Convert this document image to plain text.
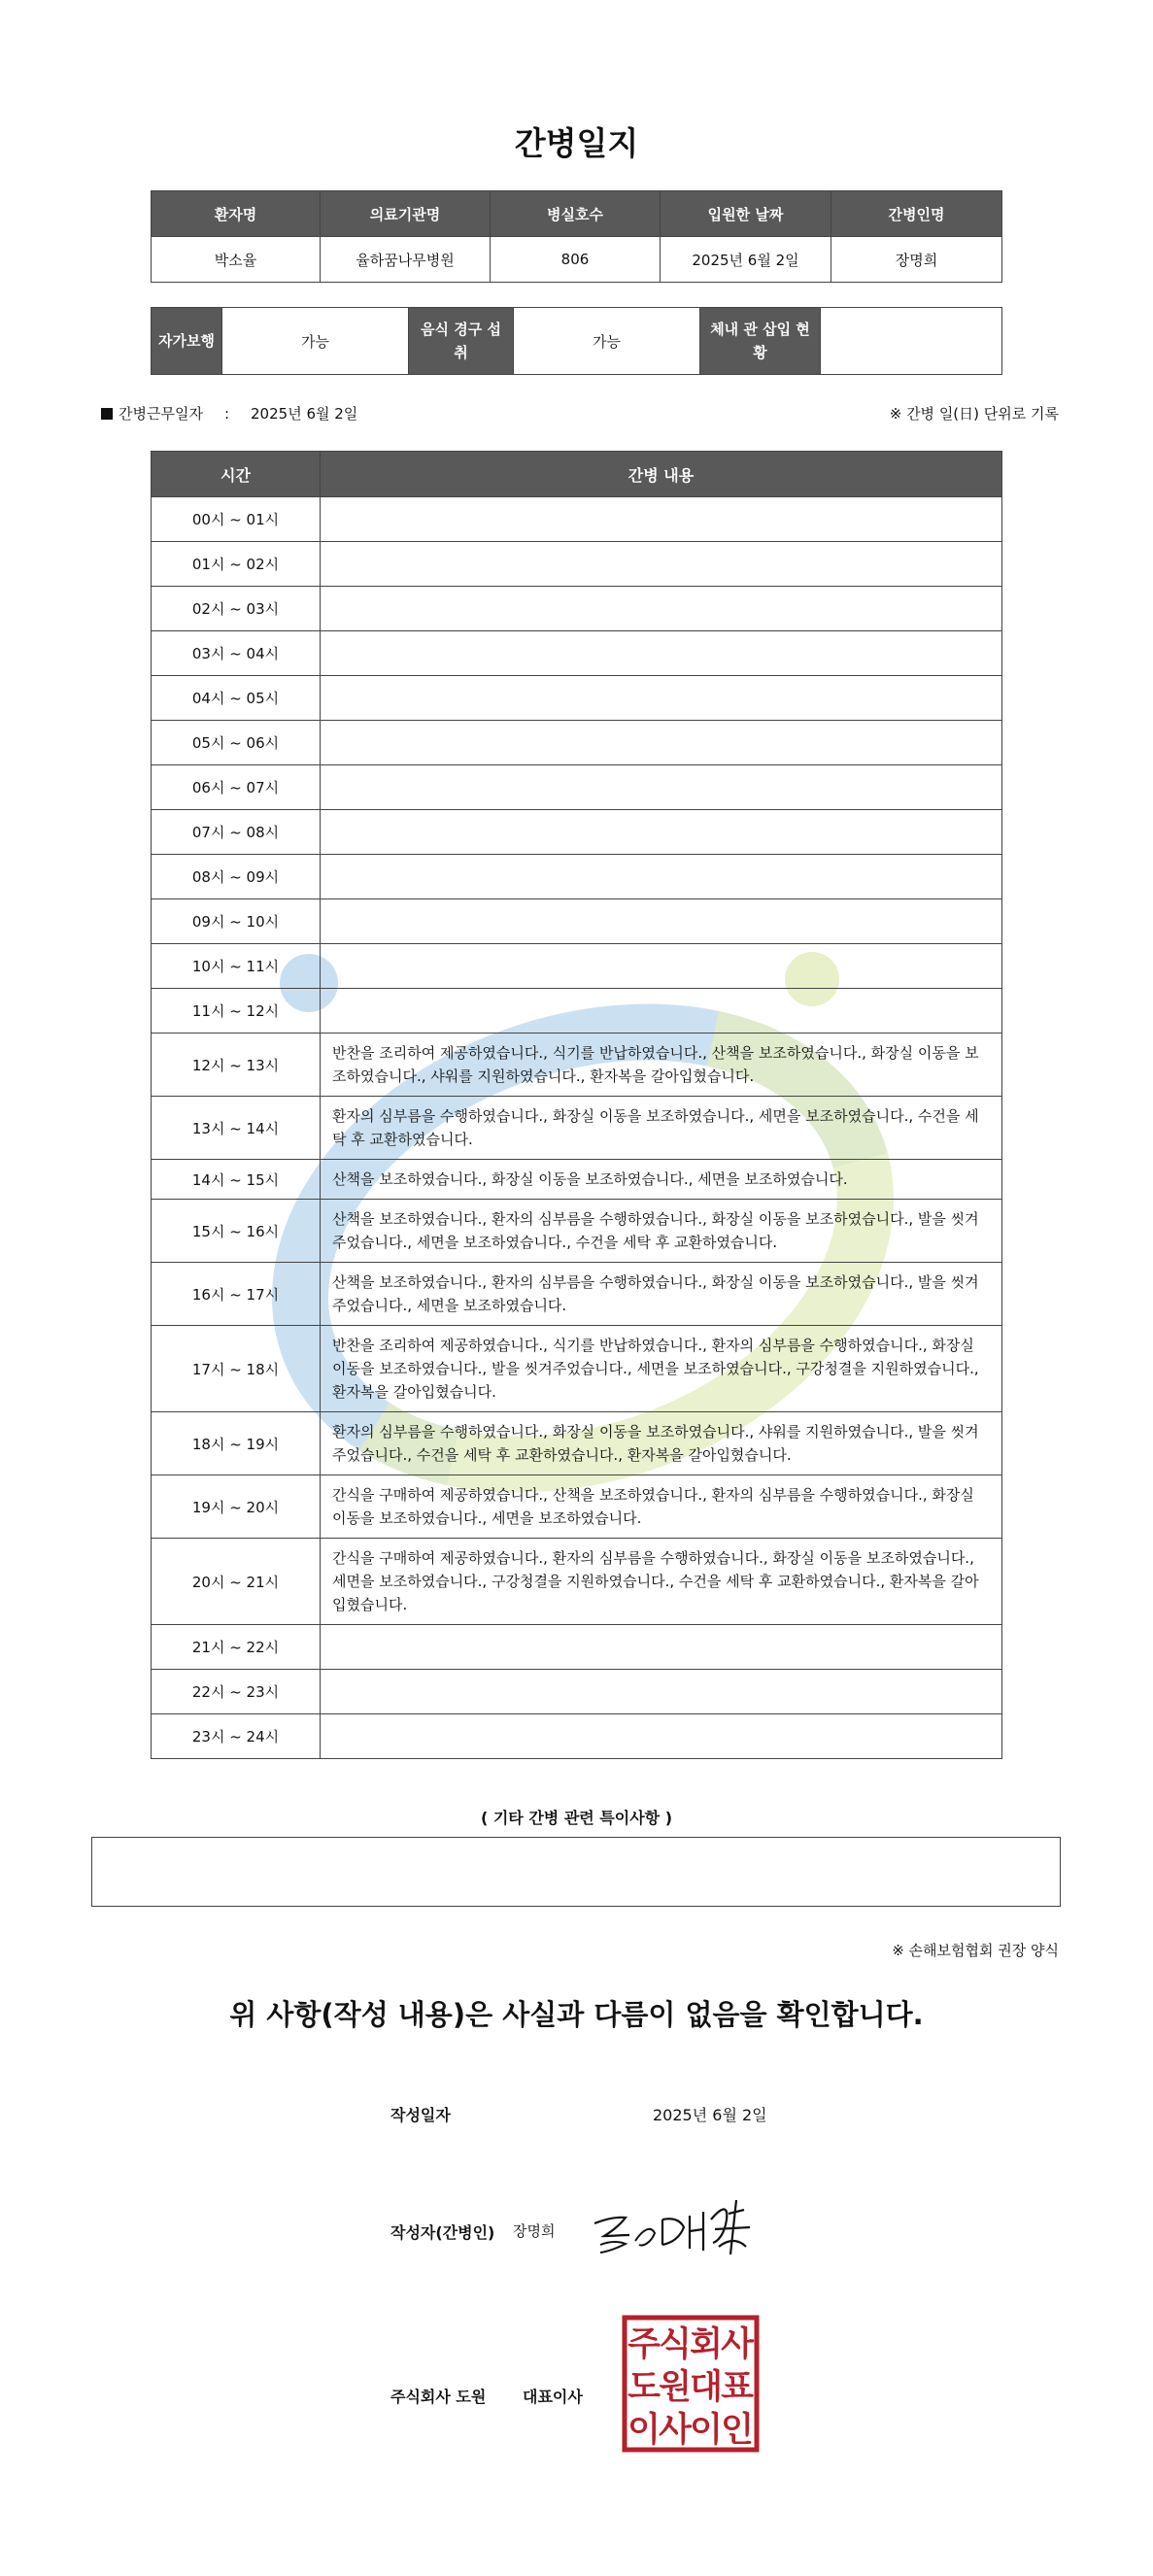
간병일지
환자명	의료기관명	병실호수	입원한 날짜	간병인명
박소율	율하꿈나무병원	806	2025년 6월 2일	장명희
자가보행	가능	음식 경구 섭취	가능	체내 관 삽입 현황	
간병근무일자 : 2025년 6월 2일	※ 간병 일(日) 단위로 기록
시간	간병 내용
00시 ~ 01시	
01시 ~ 02시	
02시 ~ 03시	
03시 ~ 04시	
04시 ~ 05시	
05시 ~ 06시	
06시 ~ 07시	
07시 ~ 08시	
08시 ~ 09시	
09시 ~ 10시	
10시 ~ 11시	
11시 ~ 12시	
12시 ~ 13시	반찬을 조리하여 제공하였습니다., 식기를 반납하였습니다., 산책을 보조하였습니다., 화장실 이동을 보조하였습니다., 샤워를 지원하였습니다., 환자복을 갈아입혔습니다.
13시 ~ 14시	환자의 심부름을 수행하였습니다., 화장실 이동을 보조하였습니다., 세면을 보조하였습니다., 수건을 세탁 후 교환하였습니다.
14시 ~ 15시	산책을 보조하였습니다., 화장실 이동을 보조하였습니다., 세면을 보조하였습니다.
15시 ~ 16시	산책을 보조하였습니다., 환자의 심부름을 수행하였습니다., 화장실 이동을 보조하였습니다., 발을 씻겨주었습니다., 세면을 보조하였습니다., 수건을 세탁 후 교환하였습니다.
16시 ~ 17시	산책을 보조하였습니다., 환자의 심부름을 수행하였습니다., 화장실 이동을 보조하였습니다., 발을 씻겨주었습니다., 세면을 보조하였습니다.
17시 ~ 18시	반찬을 조리하여 제공하였습니다., 식기를 반납하였습니다., 환자의 심부름을 수행하였습니다., 화장실 이동을 보조하였습니다., 발을 씻겨주었습니다., 세면을 보조하였습니다., 구강청결을 지원하였습니다., 환자복을 갈아입혔습니다.
18시 ~ 19시	환자의 심부름을 수행하였습니다., 화장실 이동을 보조하였습니다., 샤워를 지원하였습니다., 발을 씻겨주었습니다., 수건을 세탁 후 교환하였습니다., 환자복을 갈아입혔습니다.
19시 ~ 20시	간식을 구매하여 제공하였습니다., 산책을 보조하였습니다., 환자의 심부름을 수행하였습니다., 화장실 이동을 보조하였습니다., 세면을 보조하였습니다.
20시 ~ 21시	간식을 구매하여 제공하였습니다., 환자의 심부름을 수행하였습니다., 화장실 이동을 보조하였습니다., 세면을 보조하였습니다., 구강청결을 지원하였습니다., 수건을 세탁 후 교환하였습니다., 환자복을 갈아입혔습니다.
21시 ~ 22시	
22시 ~ 23시	
23시 ~ 24시	
( 기타 간병 관련 특이사항 )
※ 손해보험협회 권장 양식
위 사항(작성 내용)은 사실과 다름이 없음을 확인합니다.
작성일자	2025년 6월 2일
작성자(간병인) 장명희
주식회사 도원 대표이사
주
식
회
사
도
원
대
표
이
사
이
인
